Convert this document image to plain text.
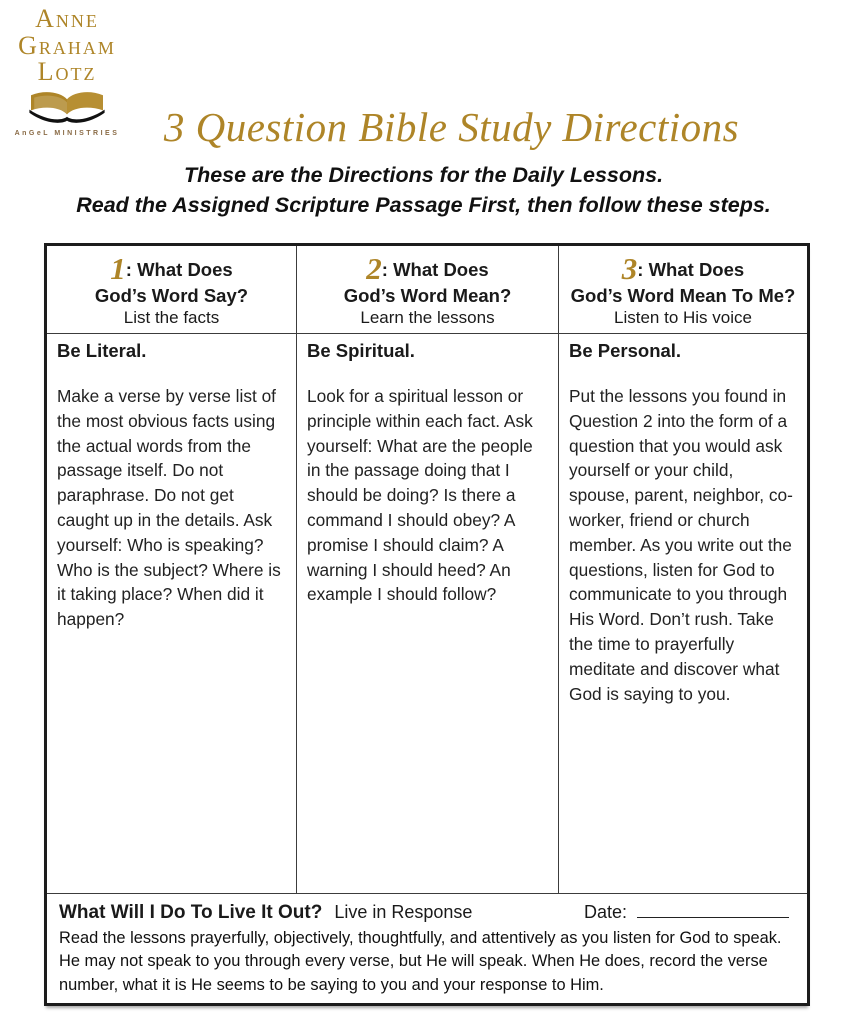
Anne
Graham
Lotz
AnGeL MINISTRIES	3 Question Bible Study Directions
These are the Directions for the Daily Lessons.
Read the Assigned Scripture Passage First, then follow these steps.
1: What Does
God’s Word Say?
List the facts
2: What Does
God’s Word Mean?
Learn the lessons
3: What Does
God’s Word Mean To Me?
Listen to His voice
Be Literal.
Make a verse by verse list of the most obvious facts using the actual words from the passage itself. Do not paraphrase. Do not get caught up in the details. Ask yourself: Who is speaking? Who is the subject? Where is it taking place? When did it happen?
Be Spiritual.
Look for a spiritual lesson or principle within each fact. Ask yourself: What are the people in the passage doing that I should be doing? Is there a command I should obey? A promise I should claim? A warning I should heed? An example I should follow?
Be Personal.
Put the lessons you found in Question 2 into the form of a question that you would ask yourself or your child, spouse, parent, neighbor, co-worker, friend or church member. As you write out the questions, listen for God to communicate to you through His Word. Don’t rush. Take the time to prayerfully meditate and discover what God is saying to you.
What Will I Do To Live It Out? Live in Response	Date:
Read the lessons prayerfully, objectively, thoughtfully, and attentively as you listen for God to speak. He may not speak to you through every verse, but He will speak. When He does, record the verse number, what it is He seems to be saying to you and your response to Him.
